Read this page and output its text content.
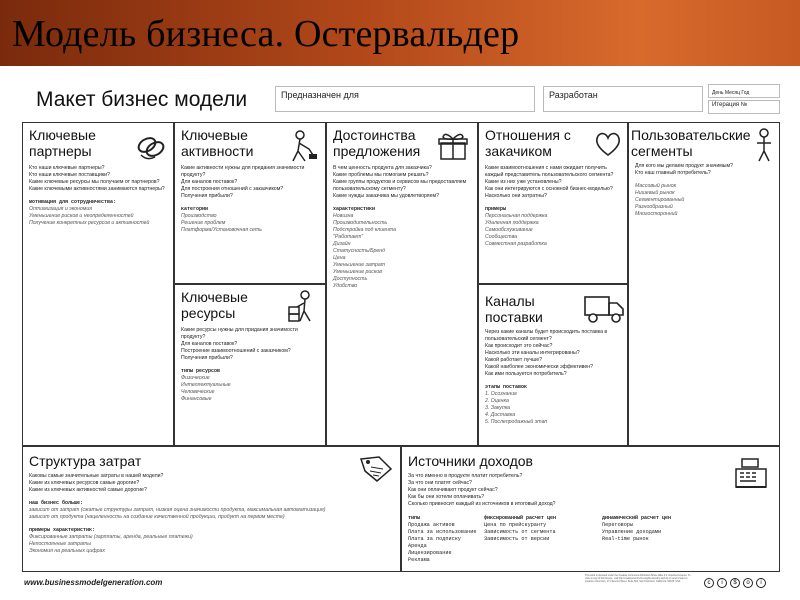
Модель бизнеса. Остервальдер
Макет бизнес модели	Предназначен для	Разработан	День Месяц Год
Итерация №
Ключевые
партнеры
Кто наши ключевые партнеры?
Кто наши ключевые поставщики?
Какие ключевые ресурсы мы получаем от партнеров?
Какие ключевыми активностями занимаются партнеры?
мотивация для сотрудничества:
Оптимизация и экономия
Уменьшение рисков и неопределенностей
Получение конкретных ресурсов и активностей
Ключевые
активности
Какие активности нужны для предания значимости продукту?
Для каналов поставок?
Для построения отношений с заказчиком?
Получения прибыли?
категории
Производство
Решение проблем
Платформа/Установочная сеть
Ключевые
ресурсы
Какие ресурсы нужны для придания значимости продукту?
Для каналов поставок?
Построение взаимоотношений с заказчиком?
Получения прибыли?
типы ресурсов
Физические
Интеллектуальные
Человеческие
Финансовые
Достоинства
предложения
В чем ценность продукта для заказчика?
Какие проблемы мы помогаем решать?
Какие группы продуктов и сервисов мы предоставляем пользовательскому сегменту?
Какие нужды заказчика мы удовлетворяем?
характеристики
Новизна
Производительность
Подстройка под клиента
"Работает"
Дизайн
Статусность/Бренд
Цена
Уменьшение затрат
Уменьшение рисков
Доступность
Удобство
Отношения с
закачиком
Какие взаимоотношения с нами ожидает получить каждый представитель пользовательского сегмента?
Какие из них уже установлены?
Как они интегрируются с основной бизнес-моделью?
Насколько они затратны?
примеры
Персональная поддержка
Удаленная поддержка
Самообслуживание
Сообщества
Совместная разработка
Каналы
поставки
Через какие каналы будет происходить поставка в пользовательский сегмент?
Как происходит это сейчас?
Насколько эти каналы интегрированы?
Какой работает лучше?
Какой наиболее экономически эффективен?
Как ими пользуется потребитель?
этапы поставок
1. Осознание
2. Оценка
3. Закупка
4. Доставка
5. Послепродажный этап
Пользовательские
сегменты
Для кого мы делаем продукт значимым?
Кто наш главный потребитель?
Массовый рынок
Нишевый рынок
Сегментированный
Разнообразный
Многосторонний
Структура затрат
Каковы самые значительные затраты в нашей модели?
Какие из ключевых ресурсов самые дорогие?
Какие из ключевых активностей самые дорогие?
наш бизнес больше:
зависит от затрат (сжатые структуры затрат, низкая оцена значимости продукта, максимальная автоматизация)
зависит от продукта (нацеленность на создание качественной продукции, продукт на первом месте)
примеры характеристик:
Фиксированные затраты (зарплаты, аренда, реальные платежи)
Непостоянные затраты
Экономия на реальных цифрах
Источники доходов
За что именно в продукте платит потребитель?
За что они платят сейчас?
Как они оплачивают продукт сейчас?
Как бы они хотели оплачивать?
Сколько привносит каждый из источников в итоговый доход?
типы
Продажа активов
Плата за использование
Плата за подписку
Аренда
Лицензирование
Реклама
фиксированный расчет цен
Цена по прейскуранту
Зависимость от сегмента
Зависимость от версии
динамический расчет цен
Переговоры
Управление доходами
Real-time рынок
www.businessmodelgeneration.com
This work is licensed under the Creative Commons Attribution-Share Alike 3.0 Unported License. To view a copy of this license, visit http://creativecommons.org/licenses/by-sa/3.0/ or send a letter to Creative Commons, 171 Second Street, Suite 300, San Francisco, California, 94105, USA.	c	i	$	o	i
